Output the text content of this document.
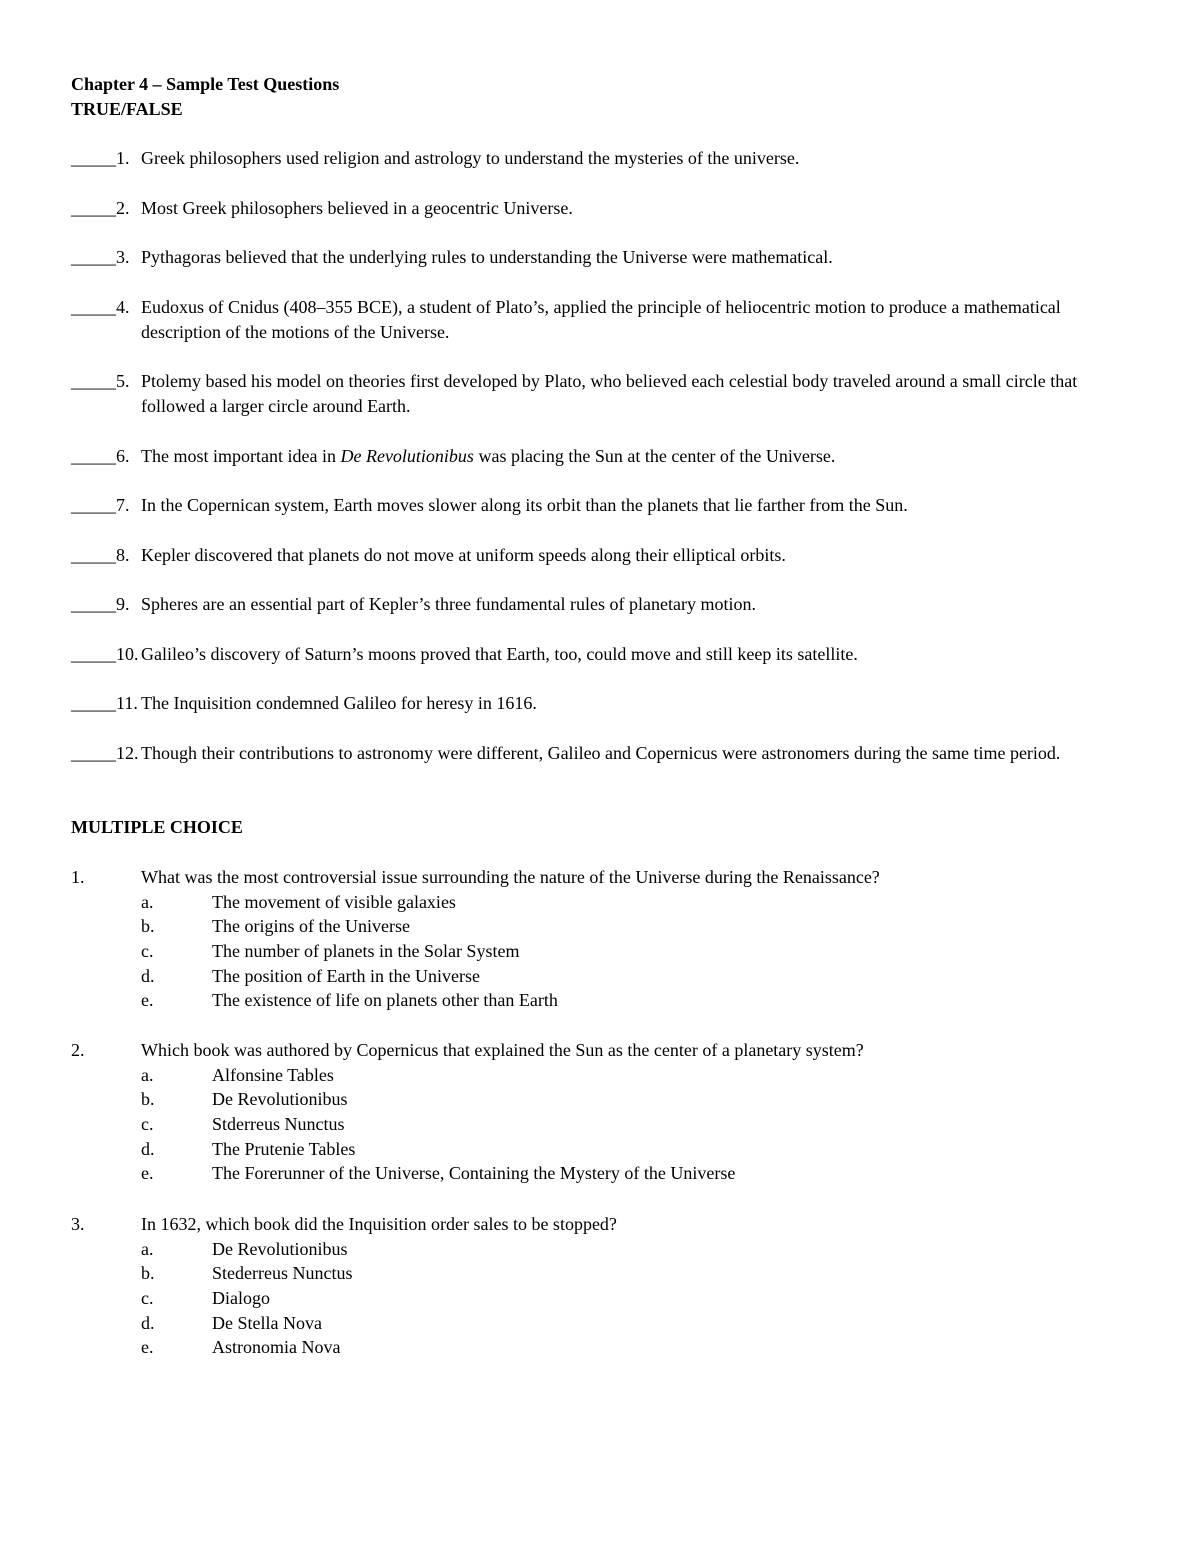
Chapter 4 – Sample Test Questions
TRUE/FALSE
_____1. Greek philosophers used religion and astrology to understand the mysteries of the universe.
_____2. Most Greek philosophers believed in a geocentric Universe.
_____3. Pythagoras believed that the underlying rules to understanding the Universe were mathematical.
_____4. Eudoxus of Cnidus (408–355 BCE), a student of Plato’s, applied the principle of heliocentric motion to produce a mathematical description of the motions of the Universe.
_____5. Ptolemy based his model on theories first developed by Plato, who believed each celestial body traveled around a small circle that followed a larger circle around Earth.
_____6. The most important idea in De Revolutionibus was placing the Sun at the center of the Universe.
_____7. In the Copernican system, Earth moves slower along its orbit than the planets that lie farther from the Sun.
_____8. Kepler discovered that planets do not move at uniform speeds along their elliptical orbits.
_____9. Spheres are an essential part of Kepler’s three fundamental rules of planetary motion.
_____10. Galileo’s discovery of Saturn’s moons proved that Earth, too, could move and still keep its satellite.
_____11. The Inquisition condemned Galileo for heresy in 1616.
_____12. Though their contributions to astronomy were different, Galileo and Copernicus were astronomers during the same time period.
MULTIPLE CHOICE
1.	What was the most controversial issue surrounding the nature of the Universe during the Renaissance?
a.	The movement of visible galaxies
b.	The origins of the Universe
c.	The number of planets in the Solar System
d.	The position of Earth in the Universe
e.	The existence of life on planets other than Earth
2.	Which book was authored by Copernicus that explained the Sun as the center of a planetary system?
a.	Alfonsine Tables
b.	De Revolutionibus
c.	Stderreus Nunctus
d.	The Prutenie Tables
e.	The Forerunner of the Universe, Containing the Mystery of the Universe
3.	In 1632, which book did the Inquisition order sales to be stopped?
a.	De Revolutionibus
b.	Stederreus Nunctus
c.	Dialogo
d.	De Stella Nova
e.	Astronomia Nova
